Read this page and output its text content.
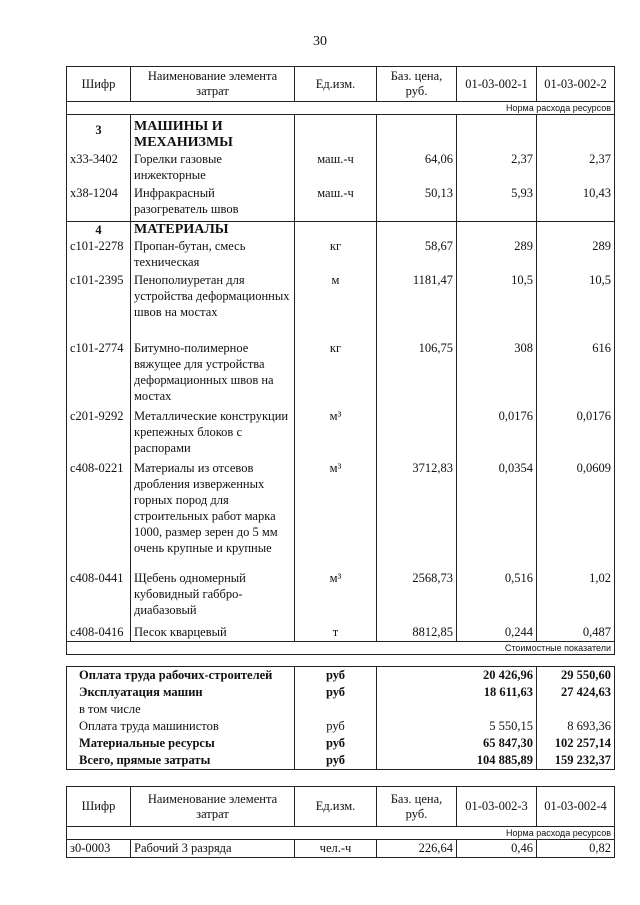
30
Шифр	Наименование элемента затрат	Ед.изм.	Баз. цена, руб.	01-03-002-1	01-03-002-2
Норма расхода ресурсов					
3	МАШИНЫ И МЕХАНИЗМЫ				
х33-3402	Горелки газовые инжекторные	маш.-ч	64,06	2,37	2,37
х38-1204	Инфракрасный разогреватель швов	маш.-ч	50,13	5,93	10,43
4	МАТЕРИАЛЫ				
с101-2278	Пропан-бутан, смесь техническая	кг	58,67	289	289
с101-2395	Пенополиуретан для устройства деформационных швов на мостах	м	1181,47	10,5	10,5
с101-2774	Битумно-полимерное вяжущее для устройства деформационных швов на мостах	кг	106,75	308	616
с201-9292	Металлические конструкции крепежных блоков с распорами	м³		0,0176	0,0176
с408-0221	Материалы из отсевов дробления изверженных горных пород для строительных работ марка 1000, размер зерен до 5 мм очень крупные и крупные	м³	3712,83	0,0354	0,0609
с408-0441	Щебень одномерный кубовидный габбро-диабазовый	м³	2568,73	0,516	1,02
с408-0416	Песок кварцевый	т	8812,85	0,244	0,487
Стоимостные показатели					
Оплата труда рабочих-строителей	руб	20 426,96	29 550,60
Эксплуатация машин	руб	18 611,63	27 424,63
в том числе			
Оплата труда машинистов	руб	5 550,15	8 693,36
Материальные ресурсы	руб	65 847,30	102 257,14
Всего, прямые затраты	руб	104 885,89	159 232,37
Шифр	Наименование элемента затрат	Ед.изм.	Баз. цена, руб.	01-03-002-3	01-03-002-4
Норма расхода ресурсов					
з0-0003	Рабочий 3 разряда	чел.-ч	226,64	0,46	0,82
